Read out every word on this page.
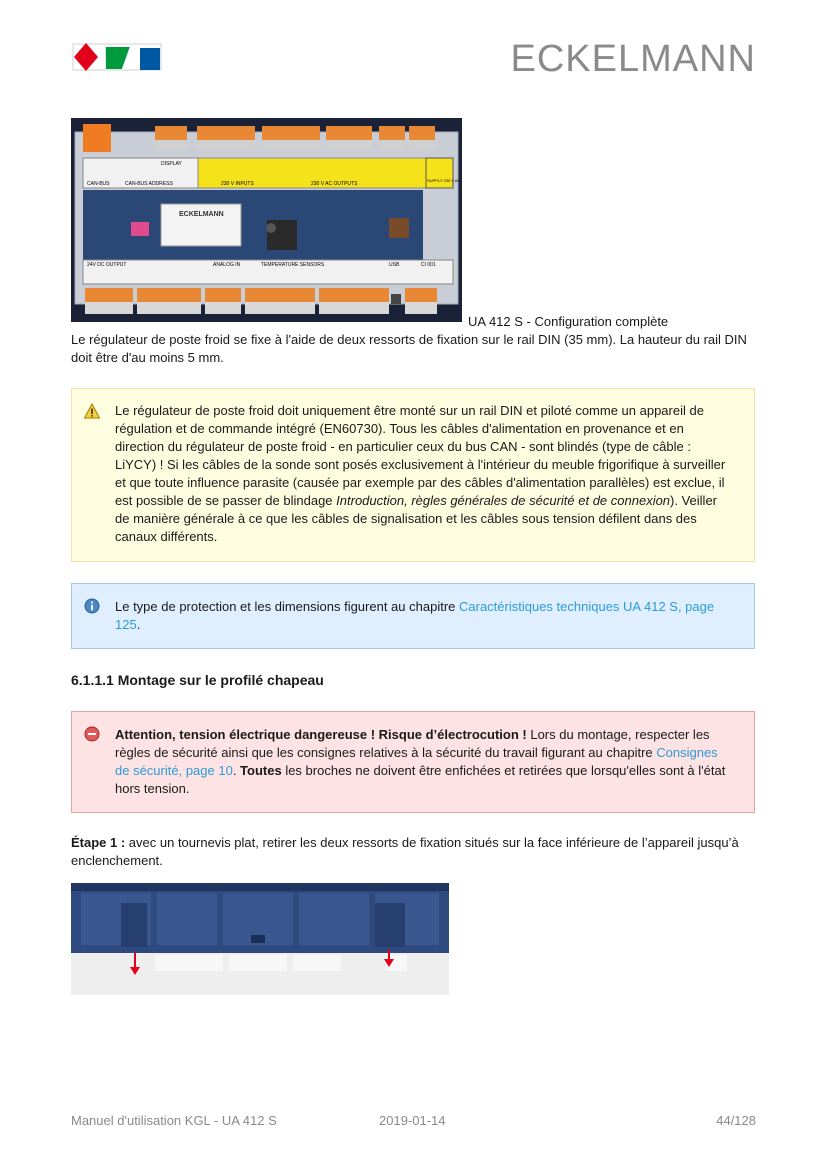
ECKELMANN
CAN-BUS	CAN-BUS ADDRESS
DISPLAY
230 V INPUTS	230 V AC OUTPUTS
SUPPLY 230 V AC
ECKELMANN
24V DC OUTPUT	ANALOG IN	TEMPERATURE SENSORS	USB	CI 001
UA 412 S - Configuration complète
Le régulateur de poste froid se fixe à l'aide de deux ressorts de fixation sur le rail DIN (35 mm). La hauteur du rail DIN doit être d'au moins 5 mm.
Le régulateur de poste froid doit uniquement être monté sur un rail DIN et piloté comme un appareil de régulation et de commande intégré (EN60730). Tous les câbles d'alimentation en provenance et en direction du régulateur de poste froid - en particulier ceux du bus CAN - sont blindés (type de câble : LiYCY) ! Si les câbles de la sonde sont posés exclusivement à l'intérieur du meuble frigorifique à surveiller et que toute influence parasite (causée par exemple par des câbles d'alimentation parallèles) est exclue, il est possible de se passer de blindage Introduction, règles générales de sécurité et de connexion). Veiller de manière générale à ce que les câbles de signalisation et les câbles sous tension défilent dans des canaux différents.
Le type de protection et les dimensions figurent au chapitre Caractéristiques techniques UA 412 S, page 125.
6.1.1.1 Montage sur le profilé chapeau
Attention, tension électrique dangereuse ! Risque d’électrocution ! Lors du montage, respecter les règles de sécurité ainsi que les consignes relatives à la sécurité du travail figurant au chapitre Consignes de sécurité, page 10. Toutes les broches ne doivent être enfichées et retirées que lorsqu'elles sont à l'état hors tension.
Étape 1 : avec un tournevis plat, retirer les deux ressorts de fixation situés sur la face inférieure de l’appareil jusqu’à enclenchement.
Manuel d'utilisation KGL - UA 412 S	2019-01-14	44/128
